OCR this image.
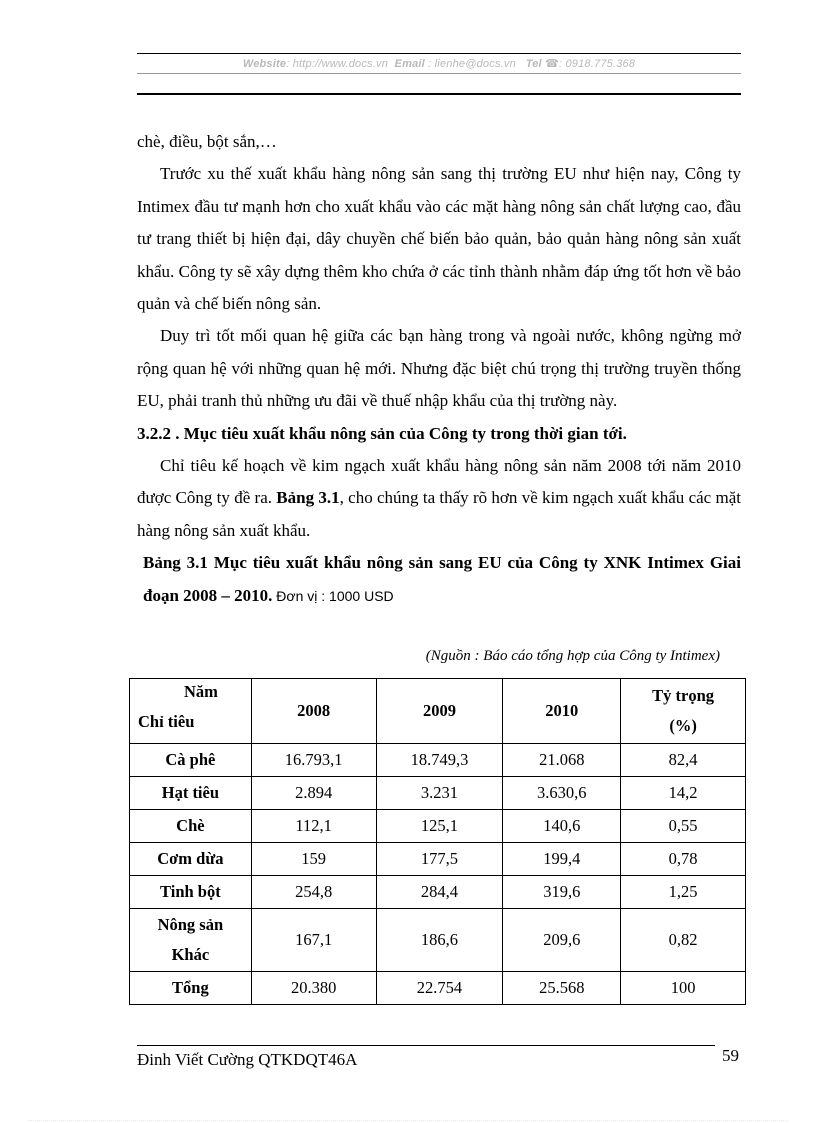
Website: http://www.docs.vn Email : lienhe@docs.vn Tel ☎: 0918.775.368

chè, điều, bột sắn,…

Trước xu thế xuất khẩu hàng nông sản sang thị trường EU như hiện nay, Công ty Intimex đầu tư mạnh hơn cho xuất khẩu vào các mặt hàng nông sản chất lượng cao, đầu tư trang thiết bị hiện đại, dây chuyền chế biến bảo quản, bảo quản hàng nông sản xuất khẩu. Công ty sẽ xây dựng thêm kho chứa ở các tỉnh thành nhằm đáp ứng tốt hơn về bảo quản và chế biến nông sản.

Duy trì tốt mối quan hệ giữa các bạn hàng trong và ngoài nước, không ngừng mở rộng quan hệ với những quan hệ mới. Nhưng đặc biệt chú trọng thị trường truyền thống EU, phải tranh thủ những ưu đãi về thuế nhập khẩu của thị trường này.

3.2.2 . Mục tiêu xuất khẩu nông sản của Công ty trong thời gian tới.

Chỉ tiêu kế hoạch về kim ngạch xuất khẩu hàng nông sản năm 2008 tới năm 2010 được Công ty đề ra. Bảng 3.1, cho chúng ta thấy rõ hơn về kim ngạch xuất khẩu các mặt hàng nông sản xuất khẩu.

Bảng 3.1 Mục tiêu xuất khẩu nông sản sang EU của Công ty XNK Intimex Giai đoạn 2008 – 2010. Đơn vị : 1000 USD

(Nguồn : Báo cáo tổng hợp của Công ty Intimex)
Năm
Chỉ tiêu	2008	2009	2010	Tỷ trọng
(%)
Cà phê	16.793,1	18.749,3	21.068	82,4
Hạt tiêu	2.894	3.231	3.630,6	14,2
Chè	112,1	125,1	140,6	0,55
Cơm dừa	159	177,5	199,4	0,78
Tinh bột	254,8	284,4	319,6	1,25
Nông sản
Khác	167,1	186,6	209,6	0,82
Tổng	20.380	22.754	25.568	100
Đinh Viết Cường QTKDQT46A	59
